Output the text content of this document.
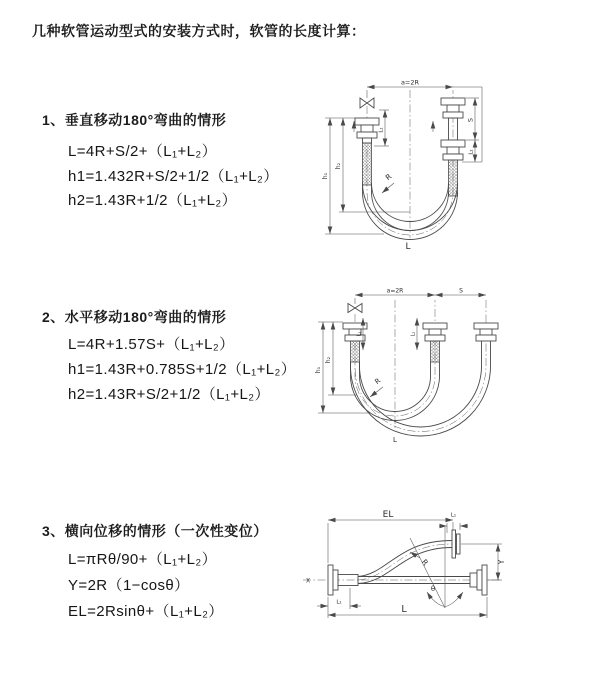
几种软管运动型式的安装方式时，软管的长度计算：
1、垂直移动180°弯曲的情形
L=4R+S/2+（L₁+L₂）
h1=1.432R+S/2+1/2（L₁+L₂）
h2=1.43R+1/2（L₁+L₂）
2、水平移动180°弯曲的情形
L=4R+1.57S+（L₁+L₂）
h1=1.43R+0.785S+1/2（L₁+L₂）
h2=1.43R+S/2+1/2（L₁+L₂）
3、横向位移的情形（一次性变位）
L=πRθ/90+（L₁+L₂）
Y=2R（1−cosθ）
EL=2Rsinθ+（L₁+L₂）
a=2R
L₁
S
L₂
h₁
h₂
R
L
a=2R	S
L₁	L₂
h₁
h₂
R
L
X
EL	L₁
θ
R	Y
L₁
L
